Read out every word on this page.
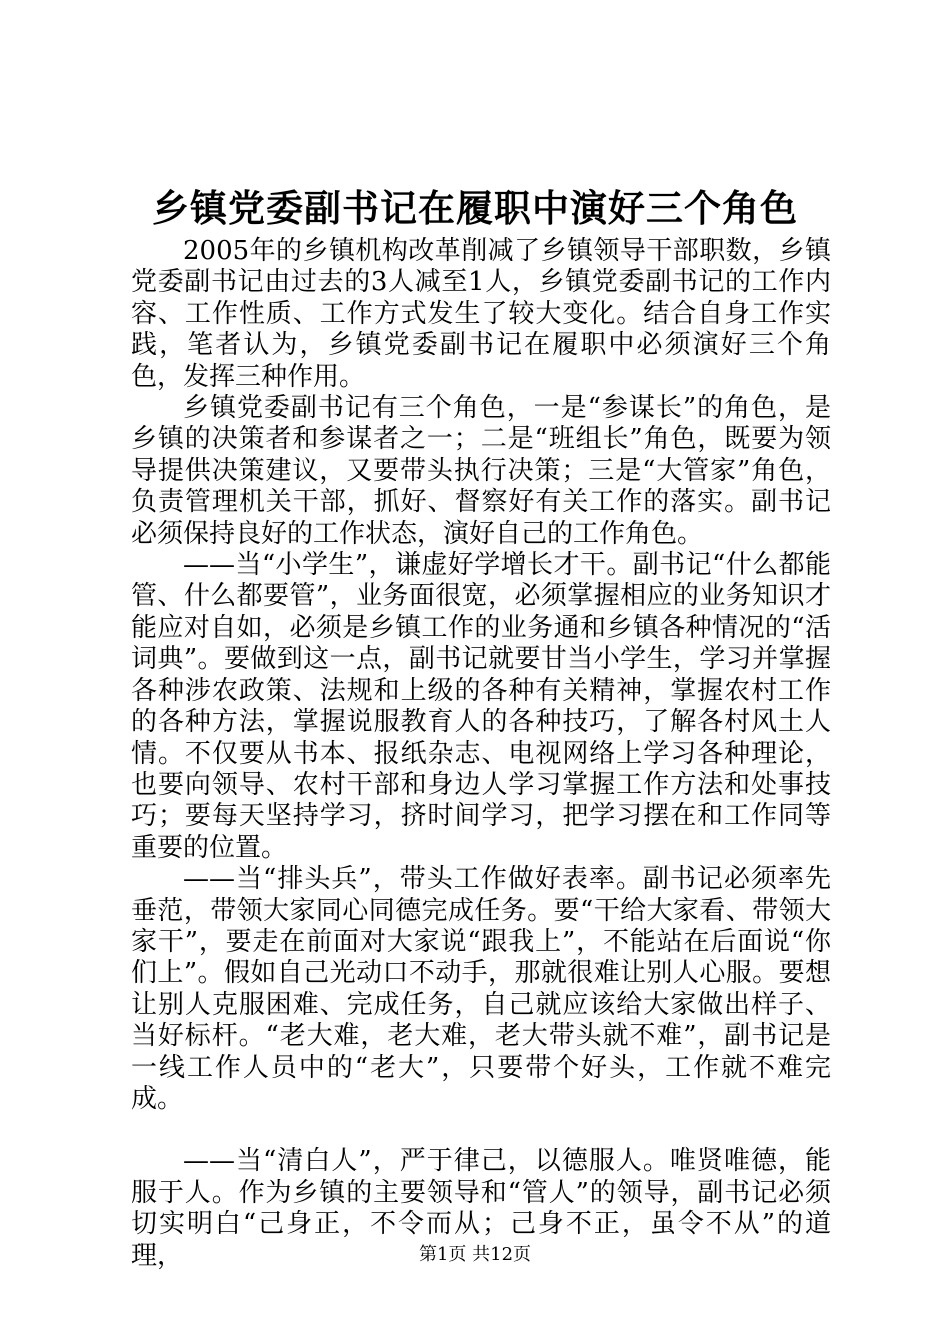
乡镇党委副书记在履职中演好三个角色

2005年的乡镇机构改革削减了乡镇领导干部职数，乡镇党委副书记由过去的3人减至1人，乡镇党委副书记的工作内容、工作性质、工作方式发生了较大变化。结合自身工作实践，笔者认为，乡镇党委副书记在履职中必须演好三个角色，发挥三种作用。

乡镇党委副书记有三个角色，一是“参谋长”的角色，是乡镇的决策者和参谋者之一；二是“班组长”角色，既要为领导提供决策建议，又要带头执行决策；三是“大管家”角色，负责管理机关干部，抓好、督察好有关工作的落实。副书记必须保持良好的工作状态，演好自己的工作角色。

——当“小学生”，谦虚好学增长才干。副书记“什么都能管、什么都要管”，业务面很宽，必须掌握相应的业务知识才能应对自如，必须是乡镇工作的业务通和乡镇各种情况的“活词典”。要做到这一点，副书记就要甘当小学生，学习并掌握各种涉农政策、法规和上级的各种有关精神，掌握农村工作的各种方法，掌握说服教育人的各种技巧，了解各村风土人情。不仅要从书本、报纸杂志、电视网络上学习各种理论，也要向领导、农村干部和身边人学习掌握工作方法和处事技巧；要每天坚持学习，挤时间学习，把学习摆在和工作同等重要的位置。

——当“排头兵”，带头工作做好表率。副书记必须率先垂范，带领大家同心同德完成任务。要“干给大家看、带领大家干”，要走在前面对大家说“跟我上”，不能站在后面说“你们上”。假如自己光动口不动手，那就很难让别人心服。要想让别人克服困难、完成任务，自己就应该给大家做出样子、当好标杆。“老大难，老大难，老大带头就不难”，副书记是一线工作人员中的“老大”，只要带个好头，工作就不难完成。

——当“清白人”，严于律己，以德服人。唯贤唯德，能服于人。作为乡镇的主要领导和“管人”的领导，副书记必须切实明白“己身正，不令而从；己身不正，虽令不从”的道理，	第1页 共12页
